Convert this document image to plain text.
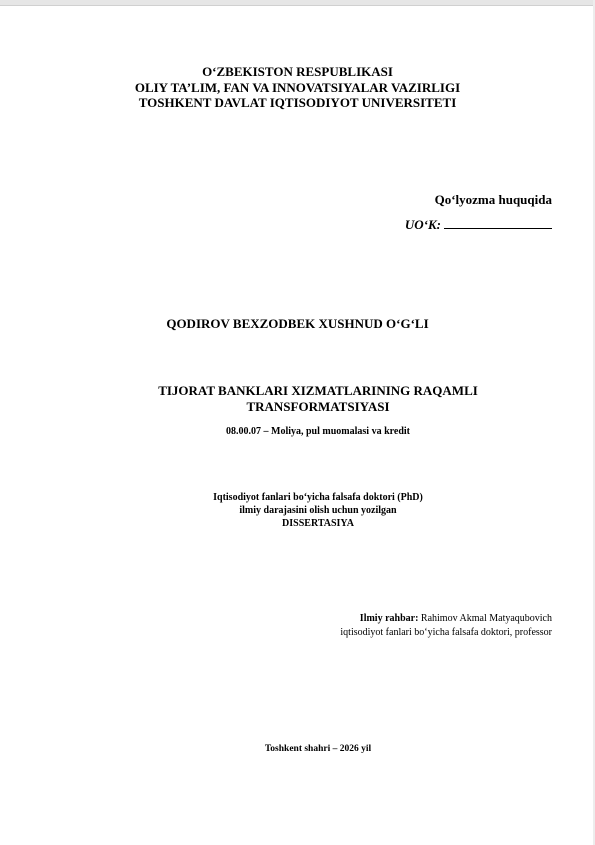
O‘ZBEKISTON RESPUBLIKASI
OLIY TA’LIM, FAN VA INNOVATSIYALAR VAZIRLIGI
TOSHKENT DAVLAT IQTISODIYOT UNIVERSITETI
Qo‘lyozma huquqida
UO‘K:
QODIROV BEXZODBEK XUSHNUD O‘G‘LI
TIJORAT BANKLARI XIZMATLARINING RAQAMLI
TRANSFORMATSIYASI
08.00.07 – Moliya, pul muomalasi va kredit
Iqtisodiyot fanlari bo‘yicha falsafa doktori (PhD)
ilmiy darajasini olish uchun yozilgan
DISSERTASIYA
Ilmiy rahbar: Rahimov Akmal Matyaqubovich
iqtisodiyot fanlari bo‘yicha falsafa doktori, professor
Toshkent shahri – 2026 yil
